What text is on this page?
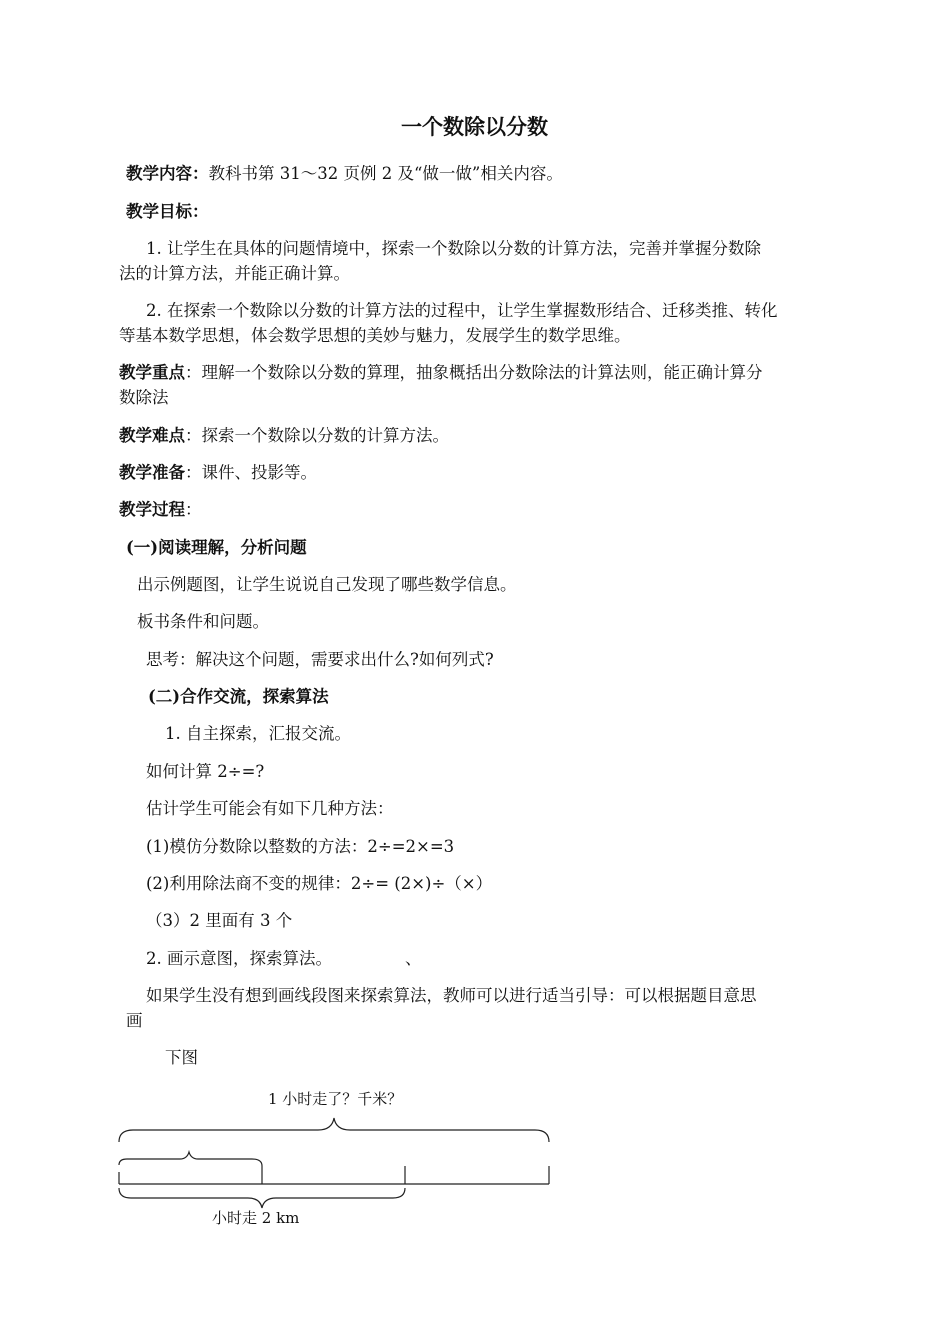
一个数除以分数
教学内容：教科书第 31～32 页例 2 及“做一做”相关内容。
教学目标：
1. 让学生在具体的问题情境中，探索一个数除以分数的计算方法，完善并掌握分数除
法的计算方法，并能正确计算。
2. 在探索一个数除以分数的计算方法的过程中，让学生掌握数形结合、迁移类推、转化
等基本数学思想，体会数学思想的美妙与魅力，发展学生的数学思维。
教学重点：理解一个数除以分数的算理，抽象概括出分数除法的计算法则，能正确计算分
数除法
教学难点：探索一个数除以分数的计算方法。
教学准备：课件、投影等。
教学过程：
(一)阅读理解，分析问题
出示例题图，让学生说说自己发现了哪些数学信息。
板书条件和问题。
思考：解决这个问题，需要求出什么?如何列式?
(二)合作交流，探索算法
1. 自主探索，汇报交流。
如何计算 2÷=?
估计学生可能会有如下几种方法：
(1)模仿分数除以整数的方法：2÷=2×=3
(2)利用除法商不变的规律：2÷= (2×)÷（×）
（3）2 里面有 3 个
2. 画示意图，探索算法。	、
如果学生没有想到画线段图来探索算法，教师可以进行适当引导：可以根据题目意思
画
下图
1 小时走了？千米？
小时走 2 km
